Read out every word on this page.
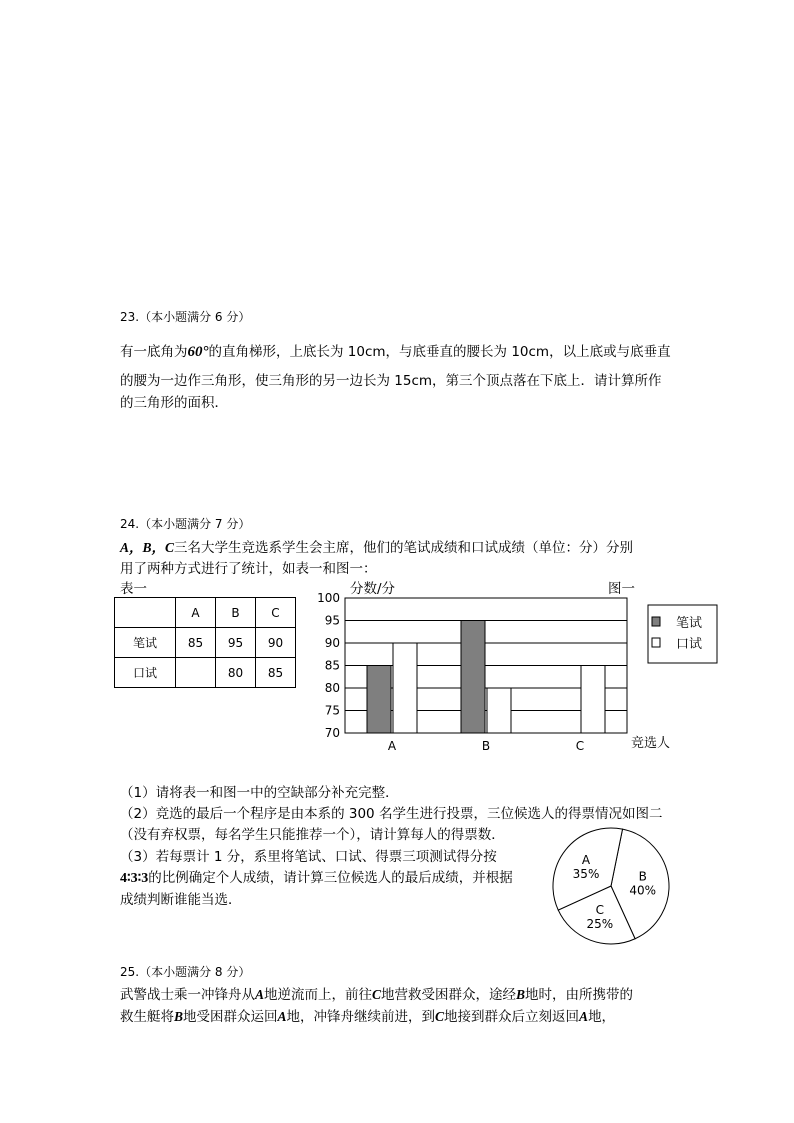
23.（本小题满分 6 分）
有一底角为60°的直角梯形，上底长为 10cm，与底垂直的腰长为 10cm，以上底或与底垂直
的腰为一边作三角形，使三角形的另一边长为 15cm，第三个顶点落在下底上．请计算所作
的三角形的面积．
24.（本小题满分 7 分）
A，B，C三名大学生竞选系学生会主席，他们的笔试成绩和口试成绩（单位：分）分别
用了两种方式进行了统计，如表一和图一：
表一	分数/分	图一
	A	B	C
笔试	85	95	90
口试		80	85
100
95
90
85
80
75
70
A	B	C	竞选人
笔试
口试
（1）请将表一和图一中的空缺部分补充完整．
（2）竞选的最后一个程序是由本系的 300 名学生进行投票，三位候选人的得票情况如图二
（没有弃权票，每名学生只能推荐一个），请计算每人的得票数．
（3）若每票计 1 分，系里将笔试、口试、得票三项测试得分按
4∶3∶3的比例确定个人成绩，请计算三位候选人的最后成绩，并根据
成绩判断谁能当选．
B
40%
C
25%
A
35%
25.（本小题满分 8 分）
武警战士乘一冲锋舟从A地逆流而上，前往C地营救受困群众，途经B地时，由所携带的
救生艇将B地受困群众运回A地，冲锋舟继续前进，到C地接到群众后立刻返回A地，
